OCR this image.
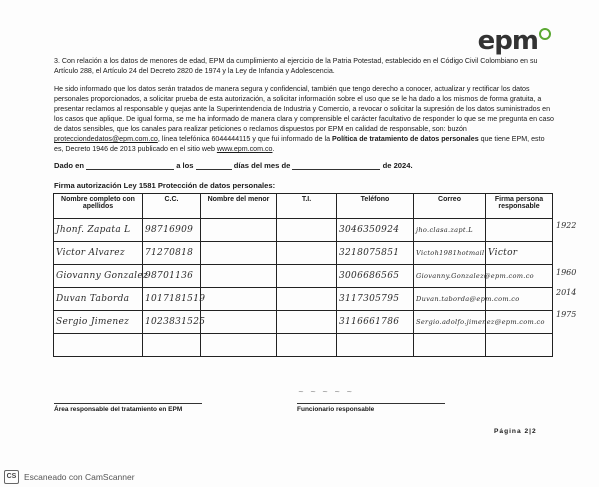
epm
3. Con relación a los datos de menores de edad, EPM da cumplimiento al ejercicio de la Patria Potestad, establecido en el Código Civil Colombiano en su Artículo 288, el Artículo 24 del Decreto 2820 de 1974 y la Ley de Infancia y Adolescencia.
He sido informado que los datos serán tratados de manera segura y confidencial, también que tengo derecho a conocer, actualizar y rectificar los datos personales proporcionados, a solicitar prueba de esta autorización, a solicitar información sobre el uso que se le ha dado a los mismos de forma gratuita, a presentar reclamos al responsable y quejas ante la Superintendencia de Industria y Comercio, a revocar o solicitar la supresión de los datos suministrados en los casos que aplique. De igual forma, se me ha informado de manera clara y comprensible el carácter facultativo de responder lo que se me pregunta en caso de datos sensibles, que los canales para realizar peticiones o reclamos dispuestos por EPM en calidad de responsable, son: buzón protecciondedatos@epm.com.co, línea telefónica 6044444115 y que fui informado de la Política de tratamiento de datos personales que tiene EPM, esto es, Decreto 1946 de 2013 publicado en el sitio web www.epm.com.co.
Dado en	a los	días del mes de	de 2024.
Firma autorización Ley 1581 Protección de datos personales:
Nombre completo con apellidos	C.C.	Nombre del menor	T.I.	Teléfono	Correo	Firma persona responsable

Jhonf. Zapata L	98716909			3046350924	jho.clasa.zapt.L	

Victor Alvarez	71270818			3218075851	Victoh1981hotmail	Victor

Giovanny Gonzalez	98701136			3006686565	Giovanny.Gonzalez@epm.com.co	

Duvan Taborda	1017181519			3117305795	Duvan.taborda@epm.com.co	

Sergio Jimenez	1023831525			3116661786	Sergio.adolfo.jimenez@epm.com.co	

1922
1960
2014
1975
~ ~ ~ ~ ~
Área responsable del tratamiento en EPM	Funcionario responsable
Página 2|2
CS Escaneado con CamScanner
